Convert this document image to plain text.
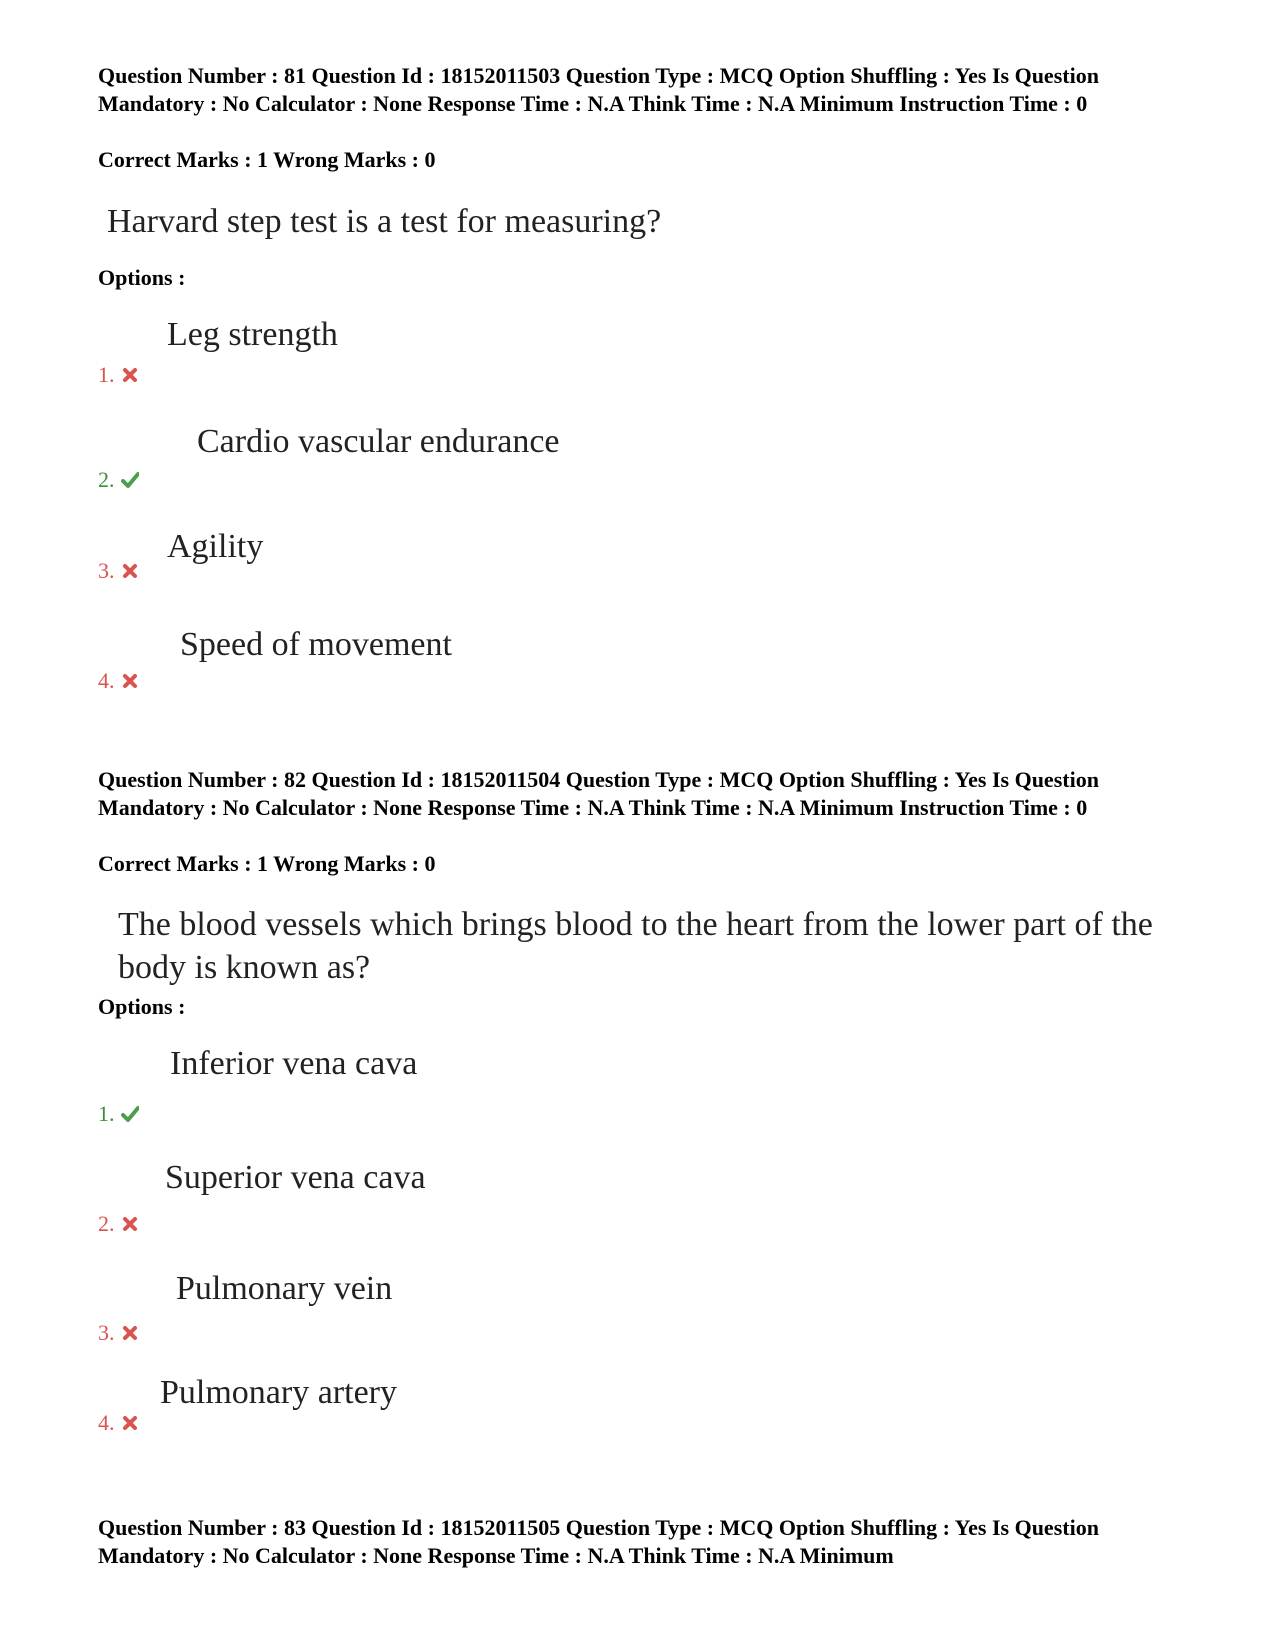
Question Number : 81 Question Id : 18152011503 Question Type : MCQ Option Shuffling : Yes Is Question Mandatory : No Calculator : None Response Time : N.A Think Time : N.A Minimum Instruction Time : 0
Correct Marks : 1 Wrong Marks : 0
Harvard step test is a test for measuring?
Options :
Leg strength
1.
Cardio vascular endurance
2.
Agility
3.
Speed of movement
4.
Question Number : 82 Question Id : 18152011504 Question Type : MCQ Option Shuffling : Yes Is Question Mandatory : No Calculator : None Response Time : N.A Think Time : N.A Minimum Instruction Time : 0
Correct Marks : 1 Wrong Marks : 0
The blood vessels which brings blood to the heart from the lower part of the body is known as?
Options :
Inferior vena cava
1.
Superior vena cava
2.
Pulmonary vein
3.
Pulmonary artery
4.
Question Number : 83 Question Id : 18152011505 Question Type : MCQ Option Shuffling : Yes Is Question Mandatory : No Calculator : None Response Time : N.A Think Time : N.A Minimum
